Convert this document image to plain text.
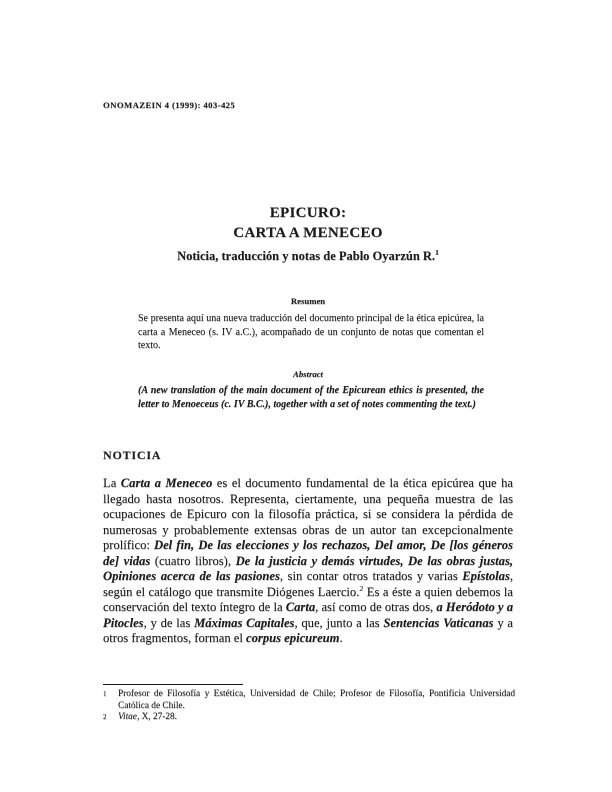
ONOMAZEIN 4 (1999): 403-425
EPICURO:
CARTA A MENECEO
Noticia, traducción y notas de Pablo Oyarzún R.$^1$
Resumen
Se presenta aquí una nueva traducción del documento principal de la ética epicúrea, la carta a Meneceo (s. IV a.C.), acompañado de un conjunto de notas que comentan el texto.
Abstract
(A new translation of the main document of the Epicurean ethics is presented, the letter to Menoeceus (c. IV B.C.), together with a set of notes commenting the text.)
NOTICIA
La Carta a Meneceo es el documento fundamental de la ética epicúrea que ha llegado hasta nosotros. Representa, ciertamente, una pequeña muestra de las ocupaciones de Epicuro con la filosofía práctica, si se considera la pérdida de numerosas y probablemente extensas obras de un autor tan excepcionalmente prolífico: Del fin, De las elecciones y los rechazos, Del amor, De [los géneros de] vidas (cuatro libros), De la justicia y demás virtudes, De las obras justas, Opiniones acerca de las pasiones, sin contar otros tratados y varias Epístolas, según el catálogo que transmite Diógenes Laercio.$^2$ Es a éste a quien debemos la conservación del texto íntegro de la Carta, así como de otras dos, a Heródoto y a Pitocles, y de las Máximas Capitales, que, junto a las Sentencias Vaticanas y a otros fragmentos, forman el corpus epicureum.
1 Profesor de Filosofía y Estética, Universidad de Chile; Profesor de Filosofía, Pontificia Universidad Católica de Chile.
2 Vitae, X, 27-28.
